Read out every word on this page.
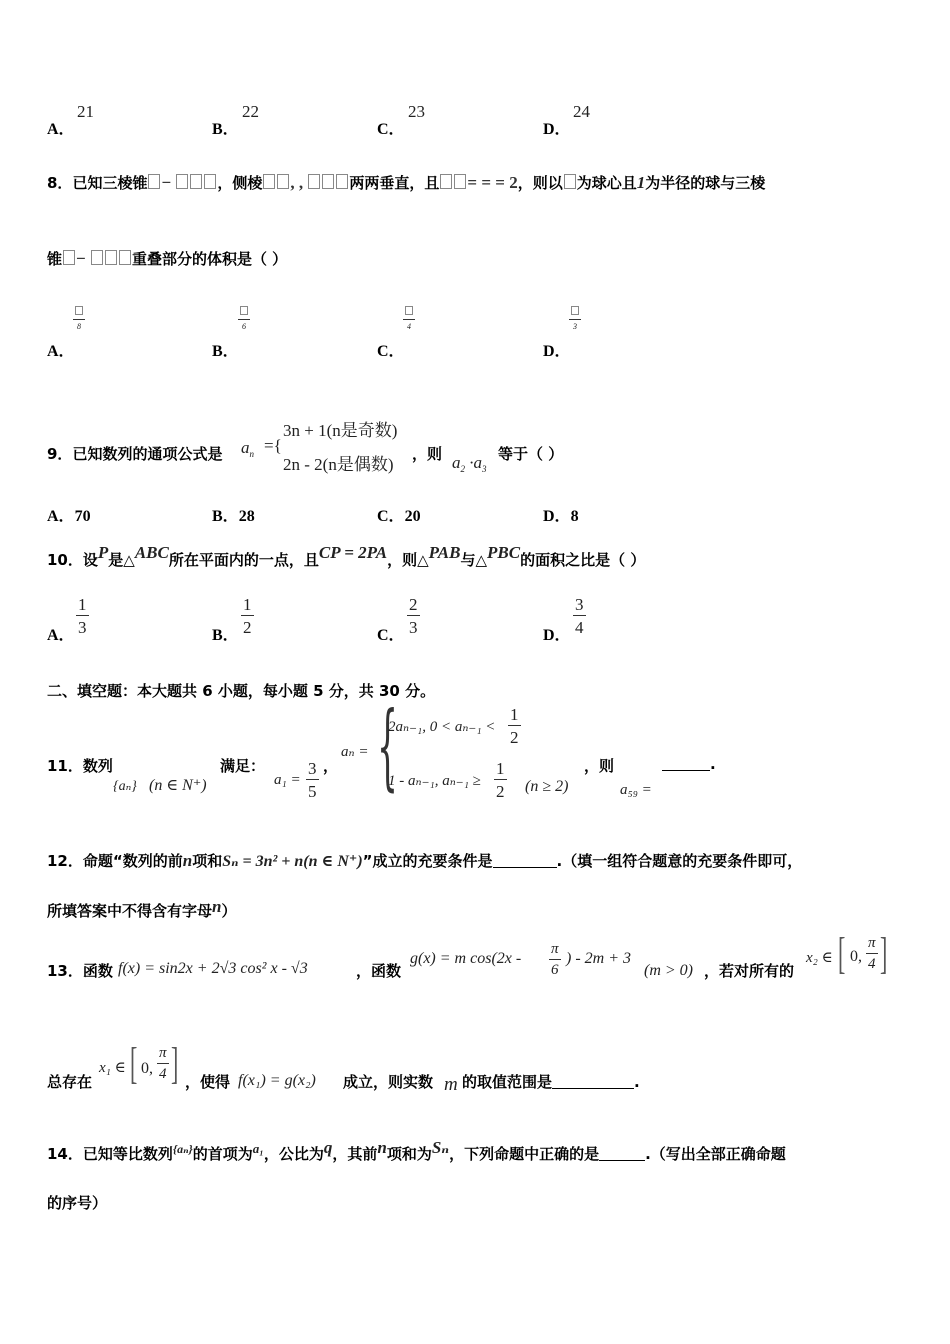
A．
21
B．
22
C．
23
D．
24
8．已知三棱锥 −	，侧棱 , ,	两两垂直，且 = = = 2，则以 为球心且1为半径的球与三棱
锥 −	重叠部分的体积是（ ）
A．
8
B．
6
C．
4
D．
3
9．已知数列的通项公式是 $a_n$ ={
3n + 1(n是奇数)
2n - 2(n是偶数)
，则 $a_2 \cdot a_3$
等于（ ）
A．70	B．28	C．20	D．8
10．设P是△ABC所在平面内的一点，且CP = 2PA，则△PAB与△PBC的面积之比是（ ）
A． $\frac{1}{3}$	B． $\frac{1}{2}$	C． $\frac{2}{3}$	D． $\frac{3}{4}$
二、填空题：本大题共 6 小题，每小题 5 分，共 30 分。
11．数列
{aₙ} (n ∈ N⁺)
满足：
$a_1 = \frac{3}{5}$ ，
aₙ = {
2aₙ₋₁, $0 < a_{n-1} < \frac{1}{2}$
1 - aₙ₋₁, $a_{n-1} \ge \frac{1}{2} (n \ge 2)$
，则
a₅₉ =
.
12．命题“数列的前n项和Sₙ = 3n² + n(n ∈ N⁺)”成立的充要条件是	.（填一组符合题意的充要条件即可，
所填答案中不得含有字母n）
13．函数 f(x) = sin2x + 2√3 cos² x - √3	，函数
g(x) = m $\cos(2x - \frac{\pi}{6}$ ) - 2m + 3
(m > 0) ，若对所有的
x₂ ∈ [ 0, $\frac{\pi}{4}$ ]
总存在
x₁ ∈ [ 0, $\frac{\pi}{4}$ ] ，使得 f(x₁) = g(x₂) 成立，则实数 m 的取值范围是	.
14．已知等比数列$^{\{a_n\}}$的首项为a₁，公比为q，其前n项和为Sₙ，下列命题中正确的是	.（写出全部正确命题
的序号）
